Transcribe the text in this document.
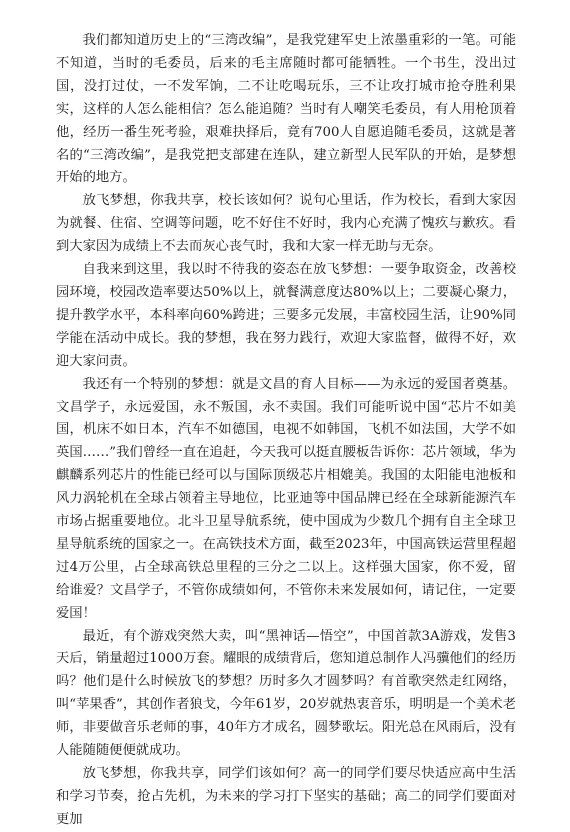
我们都知道历史上的“三湾改编”，是我党建军史上浓墨重彩的一笔。可能不知道，当时的毛委员，后来的毛主席随时都可能牺牲。一个书生，没出过国，没打过仗，一不发军饷，二不让吃喝玩乐，三不让攻打城市抢夺胜利果实，这样的人怎么能相信？怎么能追随？当时有人嘲笑毛委员，有人用枪顶着他，经历一番生死考验，艰难抉择后，竟有700人自愿追随毛委员，这就是著名的“三湾改编”，是我党把支部建在连队，建立新型人民军队的开始，是梦想开始的地方。

放飞梦想，你我共享，校长该如何？说句心里话，作为校长，看到大家因为就餐、住宿、空调等问题，吃不好住不好时，我内心充满了愧疚与歉疚。看到大家因为成绩上不去而灰心丧气时，我和大家一样无助与无奈。

自我来到这里，我以时不待我的姿态在放飞梦想：一要争取资金，改善校园环境，校园改造率要达50%以上，就餐满意度达80%以上；二要凝心聚力，提升教学水平，本科率向60%跨进；三要多元发展，丰富校园生活，让90%同学能在活动中成长。我的梦想，我在努力践行，欢迎大家监督，做得不好，欢迎大家问责。

我还有一个特别的梦想：就是文昌的育人目标——为永远的爱国者奠基。文昌学子，永远爱国，永不叛国，永不卖国。我们可能听说中国“芯片不如美国，机床不如日本，汽车不如德国，电视不如韩国，飞机不如法国，大学不如英国……”我们曾经一直在追赶，今天我可以挺直腰板告诉你：芯片领域，华为麒麟系列芯片的性能已经可以与国际顶级芯片相媲美。我国的太阳能电池板和风力涡轮机在全球占领着主导地位，比亚迪等中国品牌已经在全球新能源汽车市场占据重要地位。北斗卫星导航系统，使中国成为少数几个拥有自主全球卫星导航系统的国家之一。在高铁技术方面，截至2023年，中国高铁运营里程超过4万公里，占全球高铁总里程的三分之二以上。这样强大国家，你不爱，留给谁爱？文昌学子，不管你成绩如何，不管你未来发展如何，请记住，一定要爱国！

最近，有个游戏突然大卖，叫“黑神话—悟空”，中国首款3A游戏，发售3天后，销量超过1000万套。耀眼的成绩背后，您知道总制作人冯骥他们的经历吗？他们是什么时候放飞的梦想？历时多久才圆梦吗？有首歌突然走红网络，叫“苹果香”，其创作者狼戈，今年61岁，20岁就热衷音乐，明明是一个美术老师，非要做音乐老师的事，40年方才成名，圆梦歌坛。阳光总在风雨后，没有人能随随便便就成功。

放飞梦想，你我共享，同学们该如何？高一的同学们要尽快适应高中生活和学习节奏，抢占先机，为未来的学习打下坚实的基础；高二的同学们要面对更加
